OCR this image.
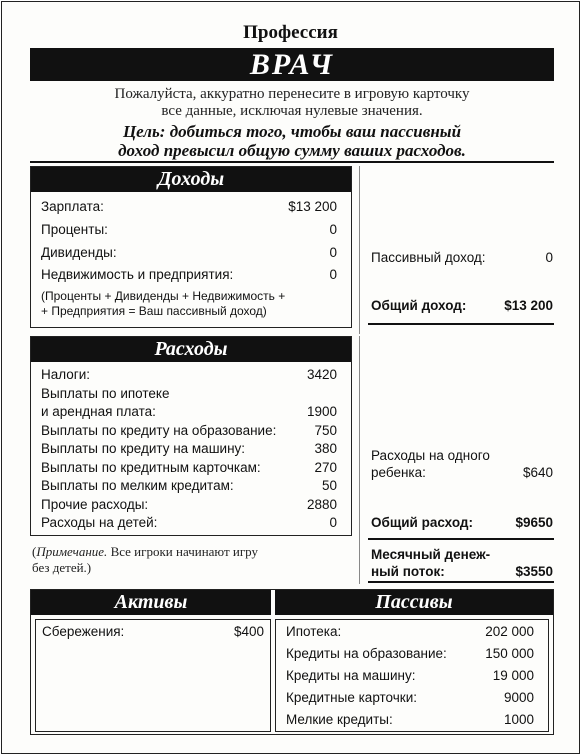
Профессия
ВРАЧ
Пожалуйста, аккуратно перенесите в игровую карточку
все данные, исключая нулевые значения.
Цель: добиться того, чтобы ваш пассивный
доход превысил общую сумму ваших расходов.
Доходы
Зарплата:	$13 200
Проценты:	0
Дивиденды:	0
Недвижимость и предприятия:	0
(Проценты + Дивиденды + Недвижимость +
+ Предприятия = Ваш пассивный доход)
Пассивный доход:	0
Общий доход:	$13 200
Расходы
Налоги:	3420
Выплаты по ипотеке
и арендная плата:	1900
Выплаты по кредиту на образование:	750
Выплаты по кредиту на машину:	380
Выплаты по кредитным карточкам:	270
Выплаты по мелким кредитам:	50
Прочие расходы:	2880
Расходы на детей:	0
(Примечание. Все игроки начинают игру
без детей.)
Расходы на одного
ребенка:	$640
Общий расход:	$9650
Месячный денеж-
ный поток:	$3550
Активы	Пассивы
Сбережения:	$400 Ипотека:	202 000
Кредиты на образование:	150 000
Кредиты на машину:	19 000
Кредитные карточки:	9000
Мелкие кредиты:	1000
